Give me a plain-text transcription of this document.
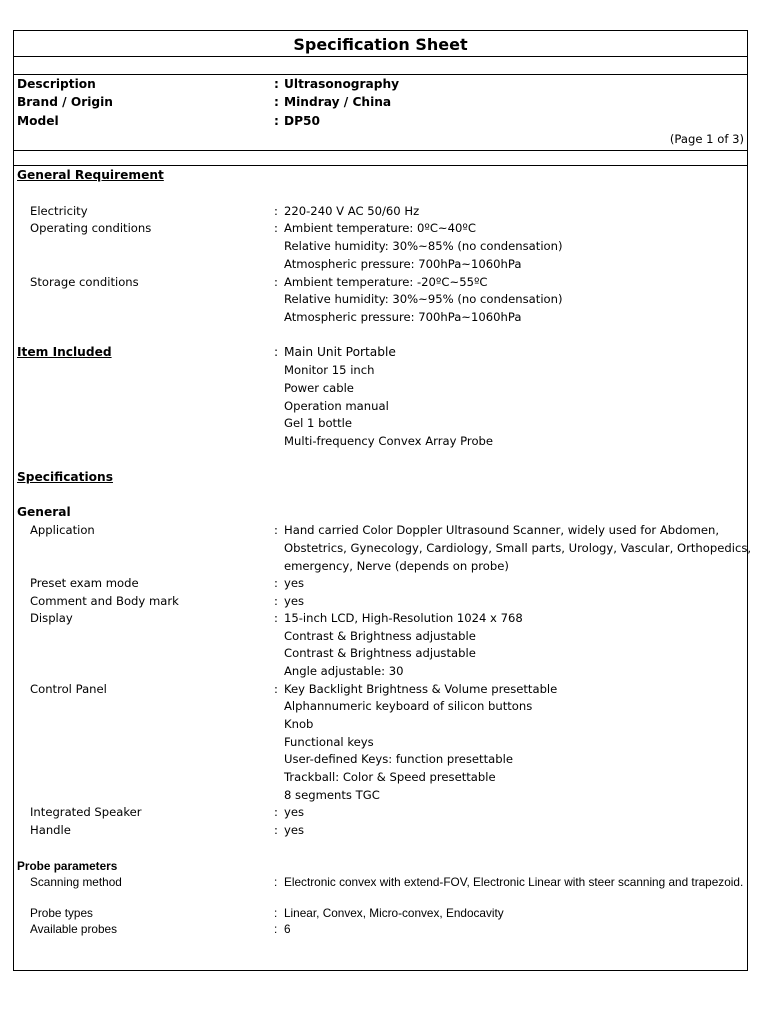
Specification Sheet
Description	: Ultrasonography
Brand / Origin	: Mindray / China
Model	: DP50
(Page 1 of 3)
General Requirement
Electricity	: 220-240 V AC 50/60 Hz
Operating conditions	: Ambient temperature: 0ºC~40ºC
Relative humidity: 30%~85% (no condensation)
Atmospheric pressure: 700hPa~1060hPa
Storage conditions	: Ambient temperature: -20ºC~55ºC
Relative humidity: 30%~95% (no condensation)
Atmospheric pressure: 700hPa~1060hPa
Item Included	: Main Unit Portable
Monitor 15 inch
Power cable
Operation manual
Gel 1 bottle
Multi-frequency Convex Array Probe
Specifications
General
Application	: Hand carried Color Doppler Ultrasound Scanner, widely used for Abdomen,
Obstetrics, Gynecology, Cardiology, Small parts, Urology, Vascular, Orthopedics,
emergency, Nerve (depends on probe)
Preset exam mode	: yes
Comment and Body mark	: yes
Display	: 15-inch LCD, High-Resolution 1024 x 768
Contrast & Brightness adjustable
Contrast & Brightness adjustable
Angle adjustable: 30
Control Panel	: Key Backlight Brightness & Volume presettable
Alphannumeric keyboard of silicon buttons
Knob
Functional keys
User-defined Keys: function presettable
Trackball: Color & Speed presettable
8 segments TGC
Integrated Speaker	: yes
Handle	: yes
Probe parameters
Scanning method	: Electronic convex with extend-FOV, Electronic Linear with steer scanning and trapezoid.
Probe types	: Linear, Convex, Micro-convex, Endocavity
Available probes	: 6
